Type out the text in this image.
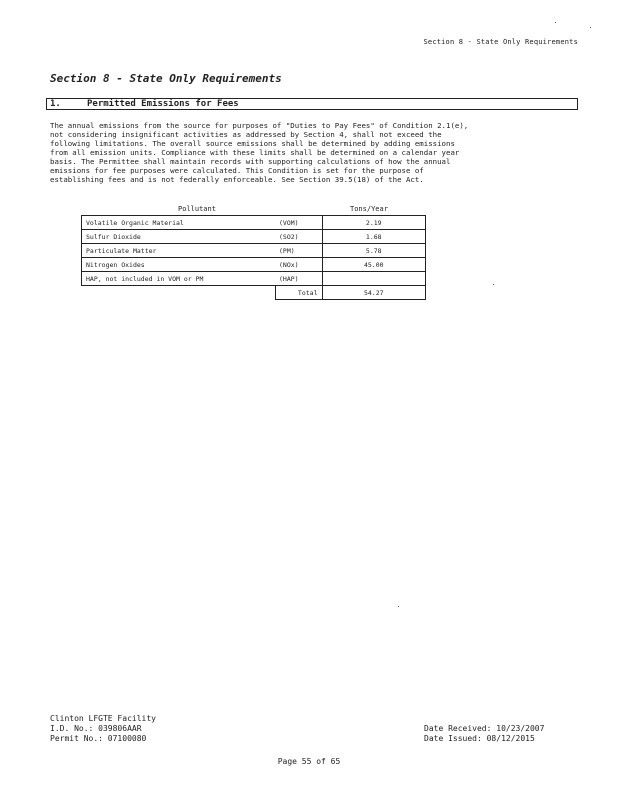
Section 8 - State Only Requirements
Section 8 - State Only Requirements
1.	Permitted Emissions for Fees
The annual emissions from the source for purposes of "Duties to Pay Fees" of Condition 2.1(e),
not considering insignificant activities as addressed by Section 4, shall not exceed the
following limitations. The overall source emissions shall be determined by adding emissions
from all emission units. Compliance with these limits shall be determined on a calendar year
basis. The Permittee shall maintain records with supporting calculations of how the annual
emissions for fee purposes were calculated. This Condition is set for the purpose of
establishing fees and is not federally enforceable. See Section 39.5(18) of the Act.
Pollutant	Tons/Year
Volatile Organic Material	(VOM)	2.19
Sulfur Dioxide	(SO2)	1.68
Particulate Matter	(PM)	5.78
Nitrogen Oxides	(NOx)	45.00
HAP, not included in VOM or PM	(HAP)	
	Total	54.27
Clinton LFGTE Facility
I.D. No.: 039806AAR
Permit No.: 07100080
Date Received: 10/23/2007
Date Issued: 08/12/2015
Page 55 of 65
